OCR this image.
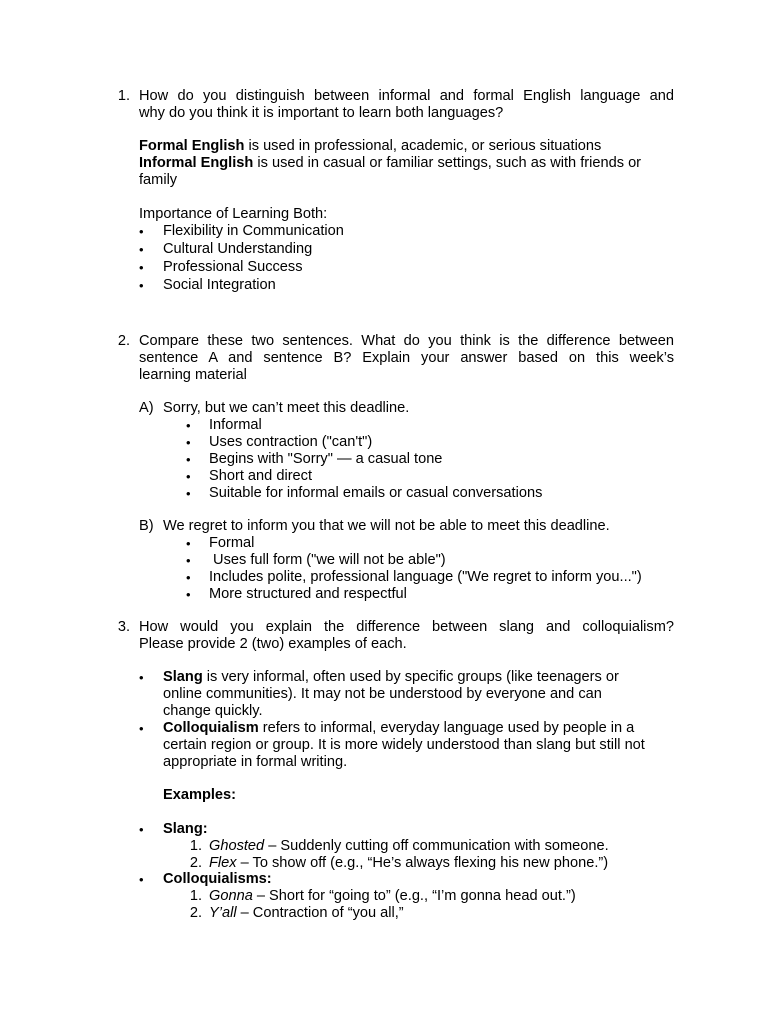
1. How do you distinguish between informal and formal English language and
why do you think it is important to learn both languages?
Formal English is used in professional, academic, or serious situations
Informal English is used in casual or familiar settings, such as with friends or
family
Importance of Learning Both:
• Flexibility in Communication
• Cultural Understanding
• Professional Success
• Social Integration
2. Compare these two sentences. What do you think is the difference between
sentence A and sentence B? Explain your answer based on this week’s
learning material
A) Sorry, but we can’t meet this deadline.
• Informal
• Uses contraction ("can't")
• Begins with "Sorry" — a casual tone
• Short and direct
• Suitable for informal emails or casual conversations
B) We regret to inform you that we will not be able to meet this deadline.
• Formal
• Uses full form ("we will not be able")
• Includes polite, professional language ("We regret to inform you...")
• More structured and respectful
3. How would you explain the difference between slang and colloquialism?
Please provide 2 (two) examples of each.
• Slang is very informal, often used by specific groups (like teenagers or
online communities). It may not be understood by everyone and can
change quickly.
• Colloquialism refers to informal, everyday language used by people in a
certain region or group. It is more widely understood than slang but still not
appropriate in formal writing.
Examples:
• Slang:
1. Ghosted – Suddenly cutting off communication with someone.
2. Flex – To show off (e.g., “He’s always flexing his new phone.”)
• Colloquialisms:
1. Gonna – Short for “going to” (e.g., “I’m gonna head out.”)
2. Y’all – Contraction of “you all,”
